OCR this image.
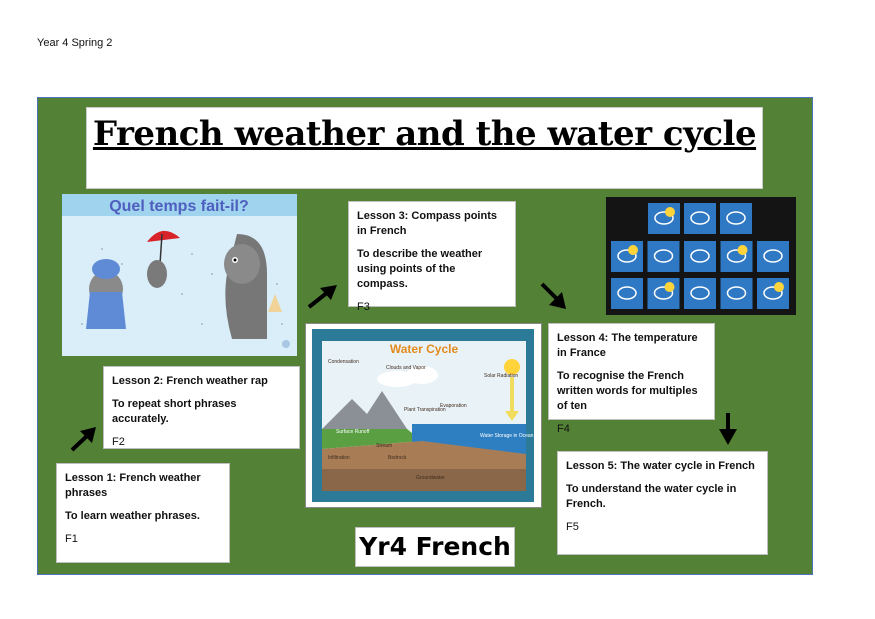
Year 4 Spring 2
French weather and the water cycle
Quel temps fait-il?
Water Cycle
Condensation
Clouds and Vapor
Solar Radiation
Evaporation
Plant Transpiration
Surface Runoff
Stream
Water Storage in Ocean
Infiltration	Bedrock
Groundwater
Lesson 1: French weather phrases
To learn weather phrases.
F1
Lesson 2: French weather rap
To repeat short phrases accurately.
F2
Lesson 3: Compass points in French
To describe the weather using points of the compass.
F3
Lesson 4: The temperature in France
To recognise the French written words for multiples of ten
F4
Lesson 5: The water cycle in French
To understand the water cycle in French.
F5
Yr4 French
